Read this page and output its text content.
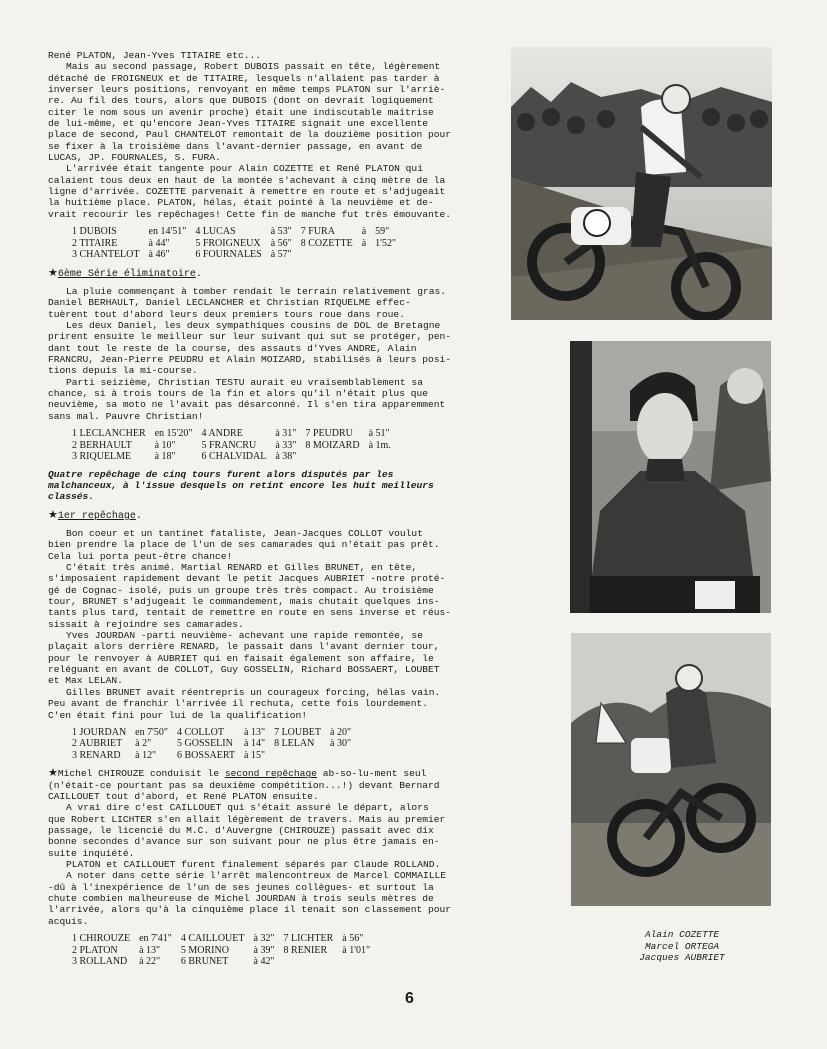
René PLATON, Jean-Yves TITAIRE etc...

Mais au second passage, Robert DUBOIS passait en tête, légèrement
détaché de FROIGNEUX et de TITAIRE, lesquels n'allaient pas tarder à
inverser leurs positions, renvoyant en même temps PLATON sur l'arriè-
re. Au fil des tours, alors que DUBOIS (dont on devrait logiquement
citer le nom sous un avenir proche) était une indiscutable maîtrise
de lui-même, et qu'encore Jean-Yves TITAIRE signait une excellente
place de second, Paul CHANTELOT remontait de la douzième position pour
se fixer à la troisième dans l'avant-dernier passage, en avant de
LUCAS, JP. FOURNALES, S. FURA.

L'arrivée était tangente pour Alain COZETTE et René PLATON qui
calaient tous deux en haut de la montée s'achevant à cinq mètre de la
ligne d'arrivée. COZETTE parvenait à remettre en route et s'adjugeait
la huitième place. PLATON, hélas, était pointé à la neuvième et de-
vrait recourir les repêchages! Cette fin de manche fut très émouvante.

1 DUBOIS	en 14'51"	4 LUCAS	à 53"	7 FURA	à	59"
2 TITAIRE	à 44"	5 FROIGNEUX	à 56"	8 COZETTE	à	1'52"
3 CHANTELOT	à 46"	6 FOURNALES	à 57"			

★6ème Série éliminatoire.

La pluie commençant à tomber rendait le terrain relativement gras.
Daniel BERHAULT, Daniel LECLANCHER et Christian RIQUELME effec-
tuèrent tout d'abord leurs deux premiers tours roue dans roue.

Les deux Daniel, les deux sympathiques cousins de DOL de Bretagne
prirent ensuite le meilleur sur leur suivant qui sut se protéger, pen-
dant tout le reste de la course, des assauts d'Yves ANDRE, Alain
FRANCRU, Jean-Pierre PEUDRU et Alain MOIZARD, stabilisés à leurs posi-
tions depuis la mi-course.

Parti seizième, Christian TESTU aurait eu vraisemblablement sa
chance, si à trois tours de la fin et alors qu'il n'était plus que
neuvième, sa moto ne l'avait pas désarconné. Il s'en tira apparemment
sans mal. Pauvre Christian!

1 LECLANCHER	en 15'20"	4 ANDRE	à 31"	7 PEUDRU	à 51"
2 BERHAULT	à 10"	5 FRANCRU	à 33"	8 MOIZARD	à 1m.
3 RIQUELME	à 18"	6 CHALVIDAL	à 38"		

Quatre repêchage de cinq tours furent alors disputés par les
malchanceux, à l'issue desquels on retint encore les huit meilleurs
classés.

★1er repêchage.

Bon coeur et un tantinet fataliste, Jean-Jacques COLLOT voulut
bien prendre la place de l'un de ses camarades qui n'était pas prêt.
Cela lui porta peut-être chance!

C'était très animé. Martial RENARD et Gilles BRUNET, en tête,
s'imposaient rapidement devant le petit Jacques AUBRIET -notre proté-
gé de Cognac- isolé, puis un groupe très très compact. Au troisième
tour, BRUNET s'adjugeait le commandement, mais chutait quelques ins-
tants plus tard, tentait de remettre en route en sens inverse et réus-
sissait à rejoindre ses camarades.

Yves JOURDAN -parti neuvième- achevant une rapide remontée, se
plaçait alors derrière RENARD, le passait dans l'avant dernier tour,
pour le renvoyer à AUBRIET qui en faisait également son affaire, le
reléguant en avant de COLLOT, Guy GOSSELIN, Richard BOSSAERT, LOUBET
et Max LELAN.

Gilles BRUNET avait réentrepris un courageux forcing, hélas vain.
Peu avant de franchir l'arrivée il rechuta, cette fois lourdement.
C'en était fini pour lui de la qualification!

1 JOURDAN	en 7'50"	4 COLLOT	à 13"	7 LOUBET	à 20"
2 AUBRIET	à 2"	5 GOSSELIN	à 14"	8 LELAN	à 30"
3 RENARD	à 12"	6 BOSSAERT	à 15"		

★Michel CHIROUZE conduisit le second repêchage ab-so-lu-ment seul
(n'était-ce pourtant pas sa deuxième compétition...!) devant Bernard
CAILLOUET tout d'abord, et René PLATON ensuite.

A vrai dire c'est CAILLOUET qui s'était assuré le départ, alors
que Robert LICHTER s'en allait légèrement de travers. Mais au premier
passage, le licencié du M.C. d'Auvergne (CHIROUZE) passait avec dix
bonne secondes d'avance sur son suivant pour ne plus être jamais en-
suite inquiété.

PLATON et CAILLOUET furent finalement séparés par Claude ROLLAND.

A noter dans cette série l'arrêt malencontreux de Marcel COMMAILLE
-dû à l'inexpérience de l'un de ses jeunes collègues- et surtout la
chute combien malheureuse de Michel JOURDAN à trois seuls mètres de
l'arrivée, alors qu'à la cinquième place il tenait son classement pour
acquis.

1 CHIROUZE	en 7'41"	4 CAILLOUET	à 32"	7 LICHTER	à 56"
2 PLATON	à 13"	5 MORINO	à 39"	8 RENIER	à 1'01"
3 ROLLAND	à 22"	6 BRUNET	à 42"		
Alain COZETTE
Marcel ORTEGA
Jacques AUBRIET
6
